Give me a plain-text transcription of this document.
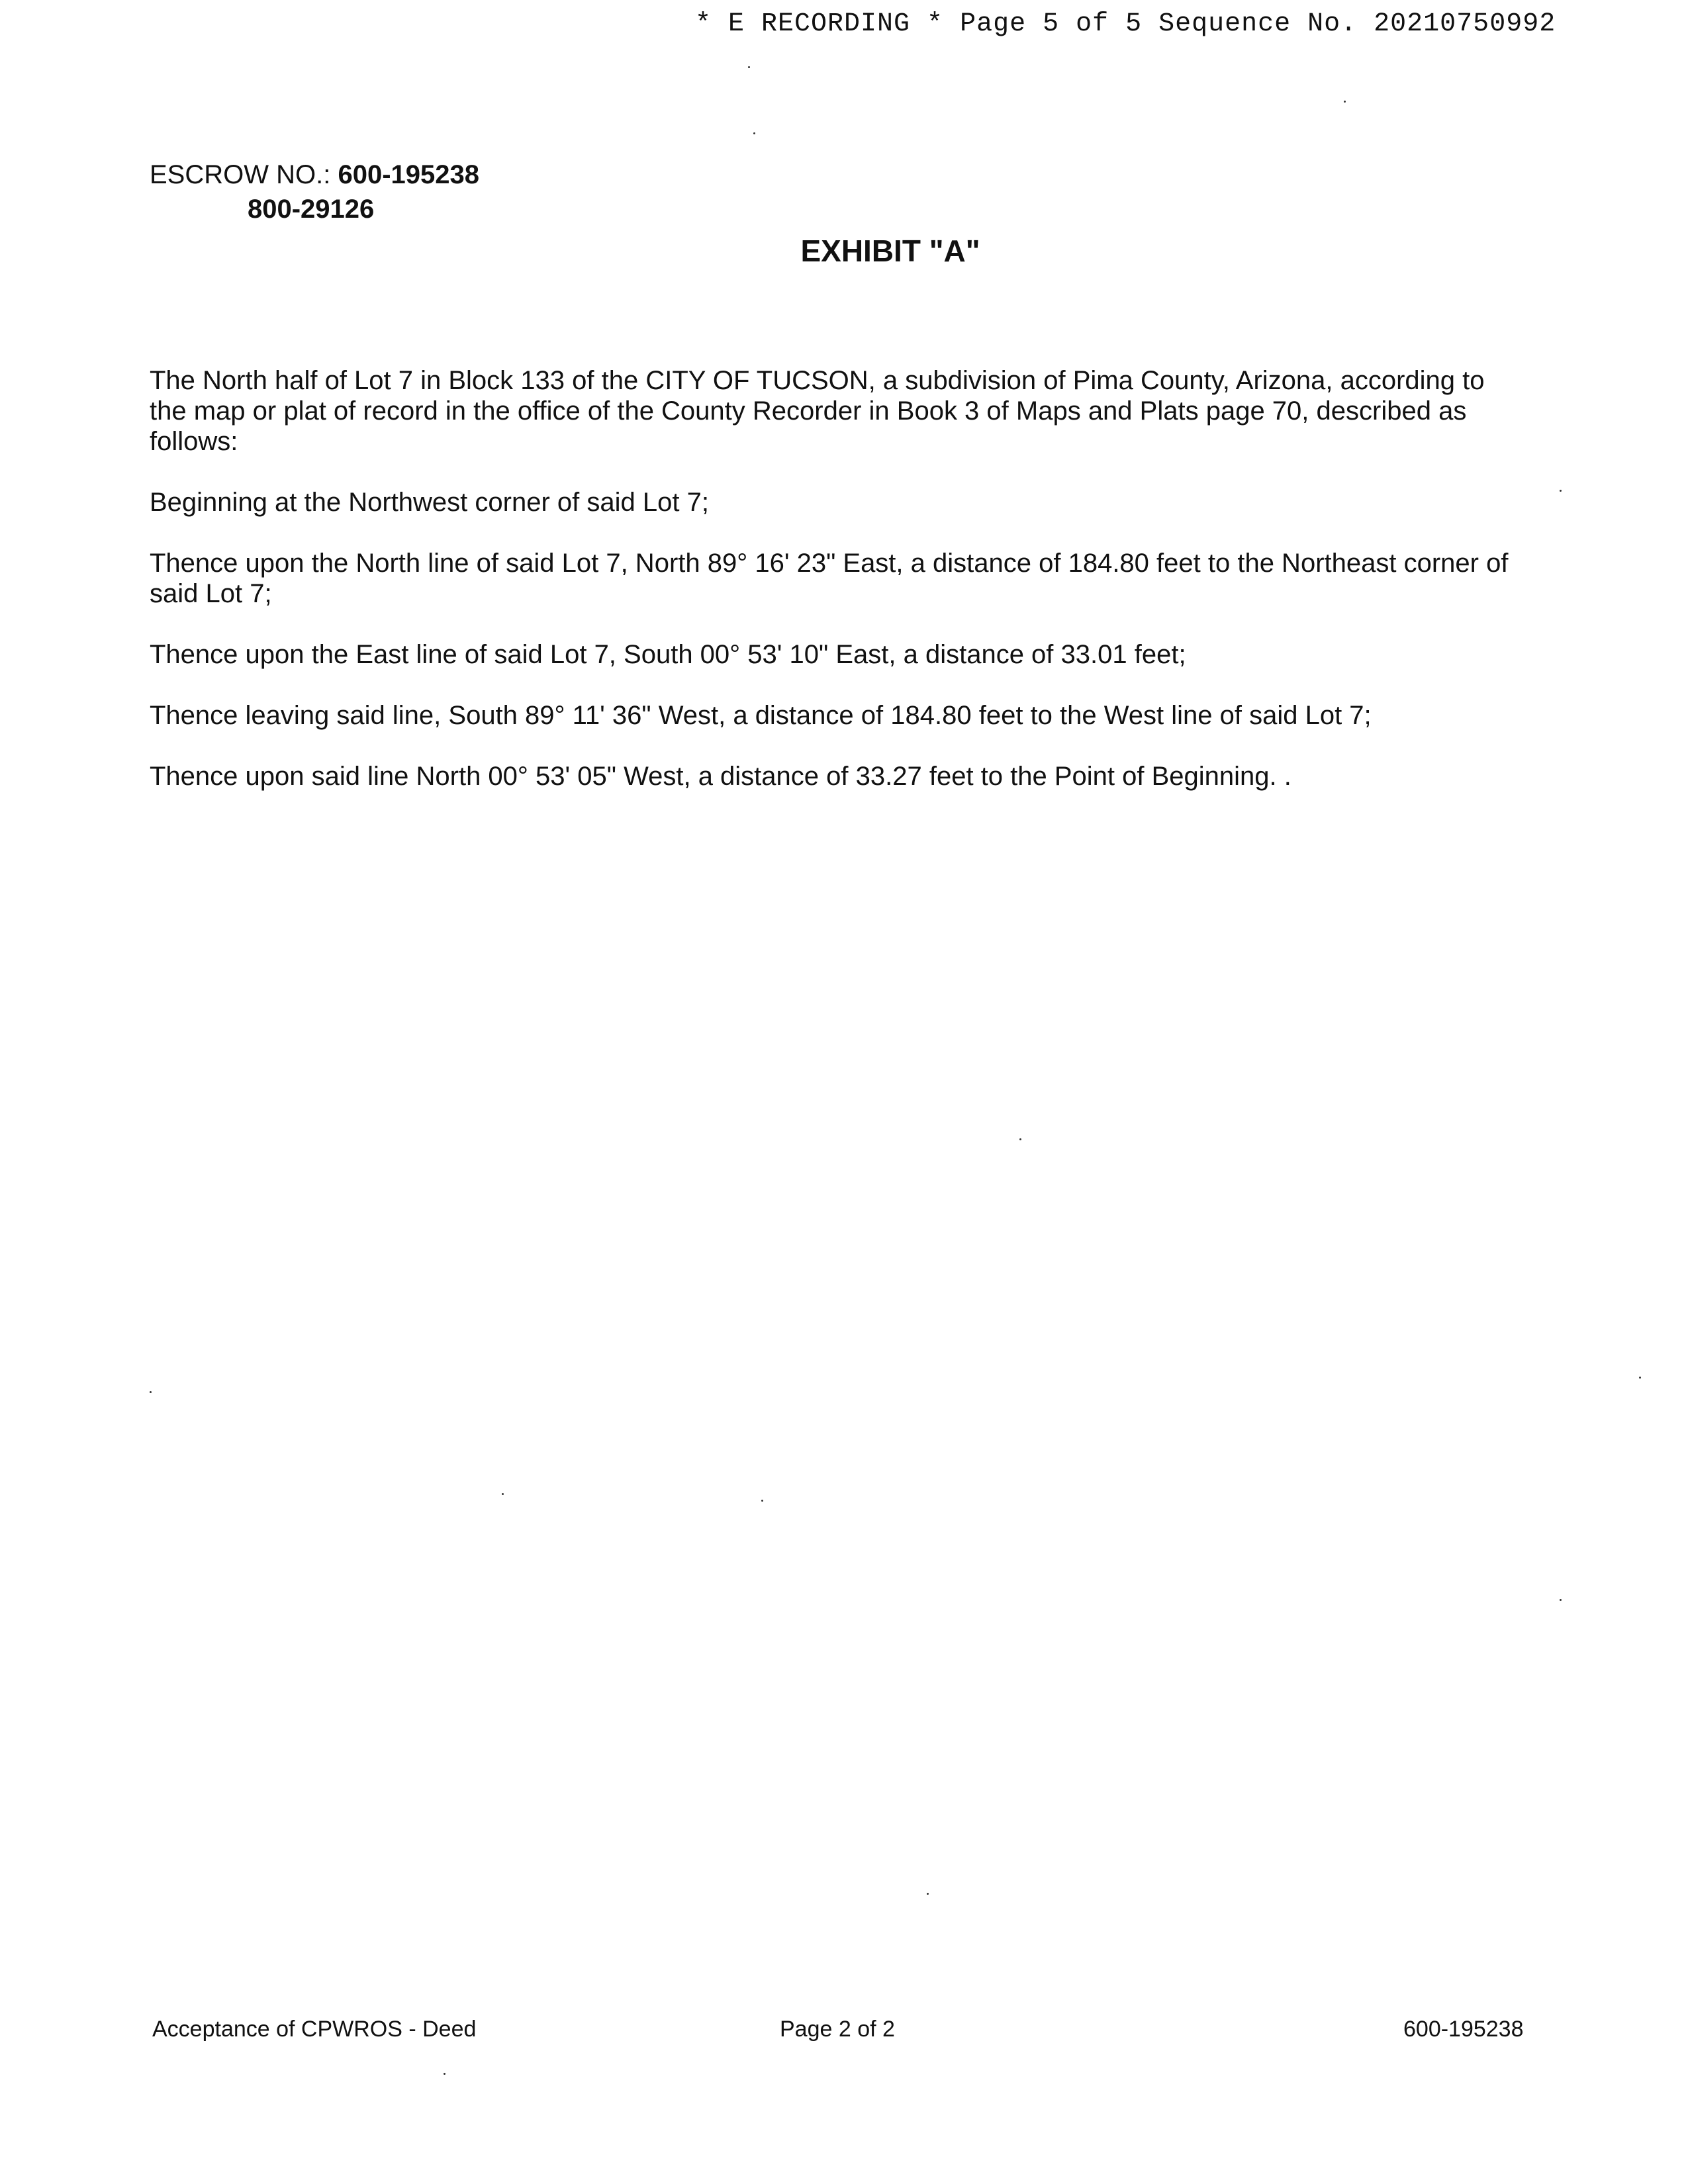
* E RECORDING * Page 5 of 5 Sequence No. 20210750992
ESCROW NO.: 600-195238
800-29126
EXHIBIT "A"

The North half of Lot 7 in Block 133 of the CITY OF TUCSON, a subdivision of Pima County, Arizona, according to the map or plat of record in the office of the County Recorder in Book 3 of Maps and Plats page 70, described as follows:

Beginning at the Northwest corner of said Lot 7;

Thence upon the North line of said Lot 7, North 89° 16' 23" East, a distance of 184.80 feet to the Northeast corner of said Lot 7;

Thence upon the East line of said Lot 7, South 00° 53' 10" East, a distance of 33.01 feet;

Thence leaving said line, South 89° 11' 36" West, a distance of 184.80 feet to the West line of said Lot 7;

Thence upon said line North 00° 53' 05" West, a distance of 33.27 feet to the Point of Beginning. .

Acceptance of CPWROS - Deed	Page 2 of 2	600-195238
